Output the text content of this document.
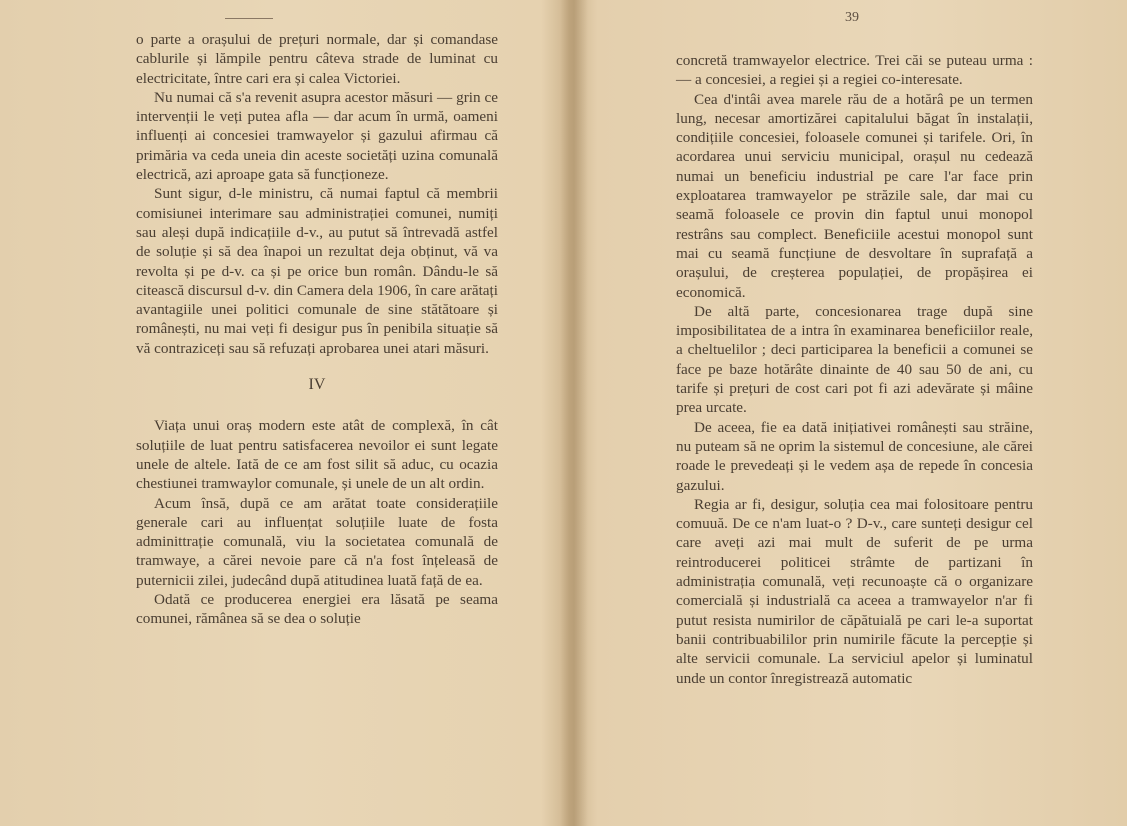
o parte a orașului de prețuri normale, dar și comandase cablurile și lămpile pentru câteva strade de luminat cu electricitate, între cari era și calea Victoriei.

Nu numai că s'a revenit asupra acestor măsuri — grin ce intervenții le veți putea afla — dar acum în urmă, oameni influenți ai concesiei tramwayelor și gazului afirmau că primăria va ceda uneia din aceste societăți uzina comunală electrică, azi aproape gata să funcționeze.

Sunt sigur, d-le ministru, că numai faptul că membrii comisiunei interimare sau administrației comunei, numiți sau aleși după indicațiile d-v., au putut să întrevadă astfel de soluție și să dea înapoi un rezultat deja obținut, vă va revolta și pe d-v. ca și pe orice bun român. Dându-le să citească discursul d-v. din Camera dela 1906, în care arătați avantagiile unei politici comunale de sine stătătoare și românești, nu mai veți fi desigur pus în penibila situație să vă contraziceți sau să refuzați aprobarea unei atari măsuri.

IV

Viața unui oraș modern este atât de complexă, în cât soluțiile de luat pentru satisfacerea nevoilor ei sunt legate unele de altele. Iată de ce am fost silit să aduc, cu ocazia chestiunei tramwaylor comunale, și unele de un alt ordin.

Acum însă, după ce am arătat toate considerațiile generale cari au influențat soluțiile luate de fosta adminittrație comunală, viu la societatea comunală de tramwaye, a cărei nevoie pare că n'a fost înțeleasă de puternicii zilei, judecând după atitudinea luată față de ea.

Odată ce producerea energiei era lăsată pe seama comunei, rămânea să se dea o soluție

39

concretă tramwayelor electrice. Trei căi se puteau urma : — a concesiei, a regiei și a regiei co-interesate.

Cea d'intâi avea marele rău de a hotărâ pe un termen lung, necesar amortizărei capitalului băgat în instalații, condițiile concesiei, foloasele comunei și tarifele. Ori, în acordarea unui serviciu municipal, orașul nu cedează numai un beneficiu industrial pe care l'ar face prin exploatarea tramwayelor pe străzile sale, dar mai cu seamă foloasele ce provin din faptul unui monopol restrâns sau complect. Beneficiile acestui monopol sunt mai cu seamă funcțiune de desvoltare în suprafață a orașului, de creșterea populației, de propășirea ei economică.

De altă parte, concesionarea trage după sine imposibilitatea de a intra în examinarea beneficiilor reale, a cheltuelilor ; deci participarea la beneficii a comunei se face pe baze hotărâte dinainte de 40 sau 50 de ani, cu tarife și prețuri de cost cari pot fi azi adevărate și mâine prea urcate.

De aceea, fie ea dată inițiativei românești sau străine, nu puteam să ne oprim la sistemul de concesiune, ale cărei roade le prevedeați și le vedem așa de repede în concesia gazului.

Regia ar fi, desigur, soluția cea mai folositoare pentru comuuă. De ce n'am luat-o ? D-v., care sunteți desigur cel care aveți azi mai mult de suferit de pe urma reintroducerei politicei strâmte de partizani în administrația comunală, veți recunoaște că o organizare comercială și industrială ca aceea a tramwayelor n'ar fi putut resista numirilor de căpătuială pe cari le-a suportat banii contribuabililor prin numirile făcute la percepție și alte servicii comunale. La serviciul apelor și luminatul unde un contor înregistrează automatic
